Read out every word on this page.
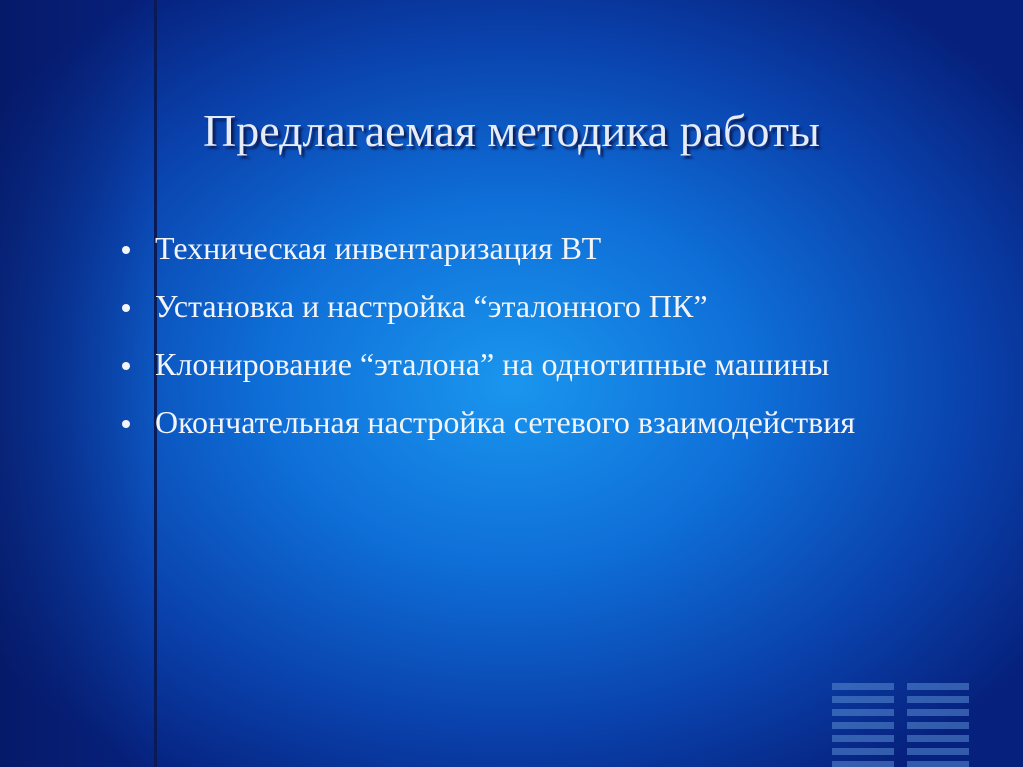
Предлагаемая методика работы
Техническая инвентаризация ВТ
Установка и настройка “эталонного ПК”
Клонирование “эталона” на однотипные машины
Окончательная настройка сетевого взаимодействия
